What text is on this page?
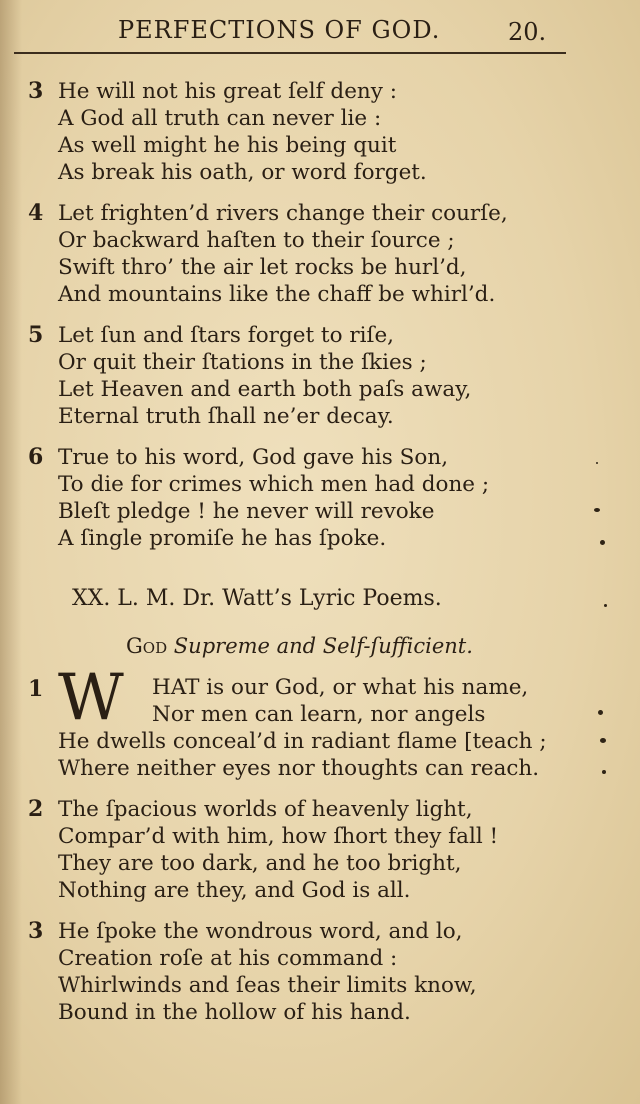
PERFECTIONS OF GOD.	20.
3 He will not his great ſelf deny :
A God all truth can never lie :
As well might he his being quit
As break his oath, or word forget.
4 Let frighten’d rivers change their courſe,
Or backward haſten to their ſource ;
Swift thro’ the air let rocks be hurl’d,
And mountains like the chaff be whirl’d.
5 Let ſun and ſtars forget to riſe,
Or quit their ſtations in the ſkies ;
Let Heaven and earth both paſs away,
Eternal truth ſhall ne’er decay.
6 True to his word, God gave his Son,
To die for crimes which men had done ;
Bleſt pledge ! he never will revoke
A ſingle promiſe he has ſpoke.
XX. L. M. Dr. Watt’s Lyric Poems.
God Supreme and Self-ſufficient.
1 W HAT is our God, or what his name,
Nor men can learn, nor angels
He dwells conceal’d in radiant flame [teach ;
Where neither eyes nor thoughts can reach.
2 The ſpacious worlds of heavenly light,
Compar’d with him, how ſhort they fall !
They are too dark, and he too bright,
Nothing are they, and God is all.
3 He ſpoke the wondrous word, and lo,
Creation roſe at his command :
Whirlwinds and ſeas their limits know,
Bound in the hollow of his hand.
